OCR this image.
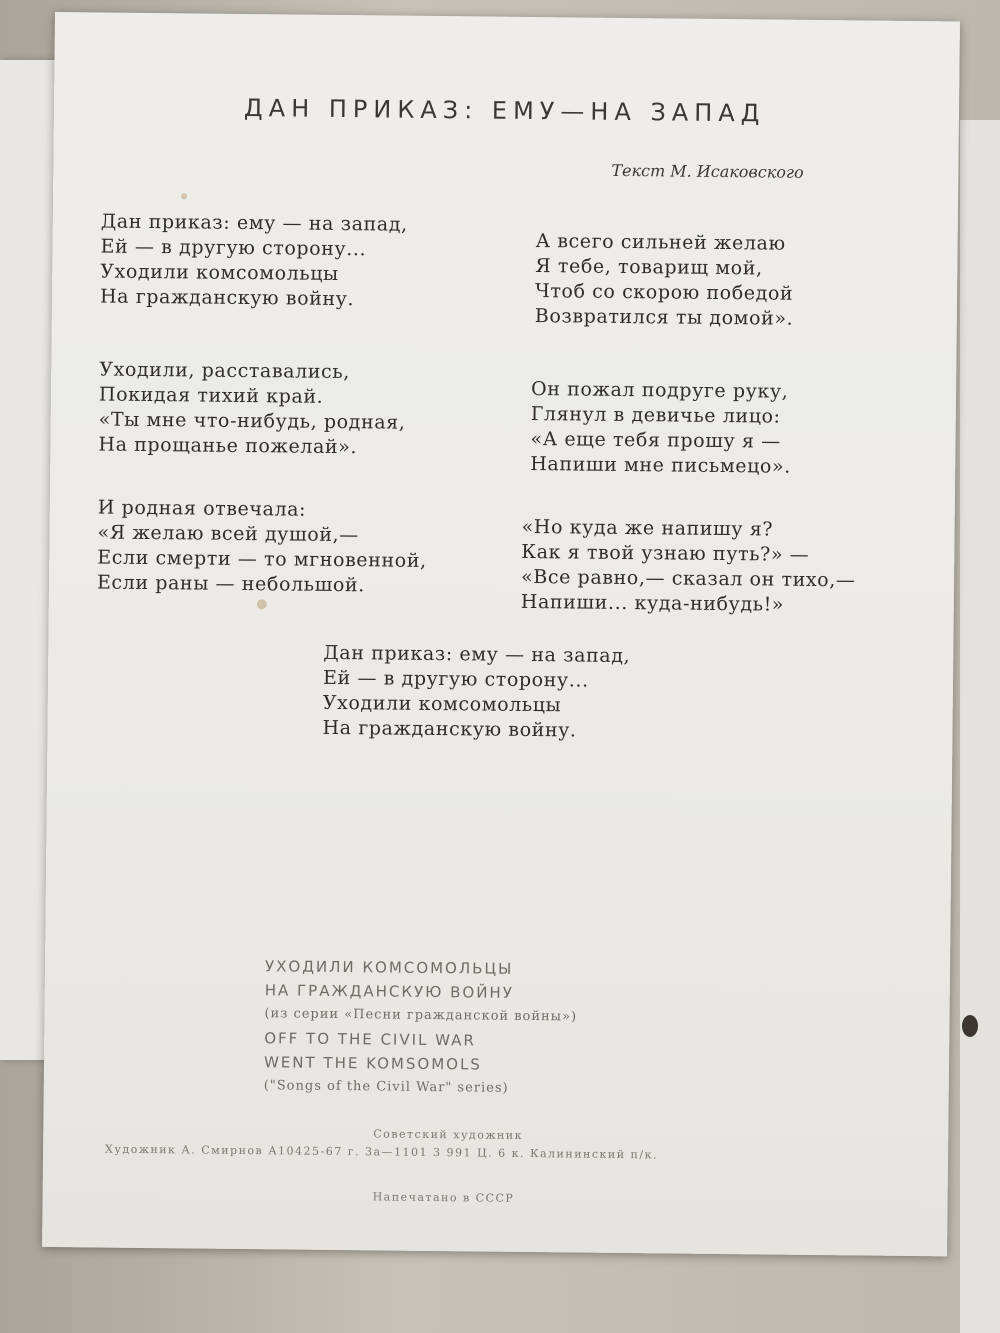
ДАН ПРИКАЗ: ЕМУ—НА ЗАПАД
Текст М. Исаковского
Дан приказ: ему — на запад,
Ей — в другую сторону...
Уходили комсомольцы
На гражданскую войну.
Уходили, расставались,
Покидая тихий край.
«Ты мне что-нибудь, родная,
На прощанье пожелай».
И родная отвечала:
«Я желаю всей душой,—
Если смерти — то мгновенной,
Если раны — небольшой.
А всего сильней желаю
Я тебе, товарищ мой,
Чтоб со скорою победой
Возвратился ты домой».
Он пожал подруге руку,
Глянул в девичье лицо:
«А еще тебя прошу я —
Напиши мне письмецо».
«Но куда же напишу я?
Как я твой узнаю путь?» —
«Все равно,— сказал он тихо,—
Напиши... куда-нибудь!»
Дан приказ: ему — на запад,
Ей — в другую сторону...
Уходили комсомольцы
На гражданскую войну.
УХОДИЛИ КОМСОМОЛЬЦЫ
НА ГРАЖДАНСКУЮ ВОЙНУ
(из серии «Песни гражданской войны»)
OFF TO THE CIVIL WAR
WENT THE KOMSOMOLS
("Songs of the Civil War" series)
Советский художник
Художник А. Смирнов А10425-67 г. 3а—1101 3 991 Ц. 6 к. Калининский п/к.
Напечатано в СССР
